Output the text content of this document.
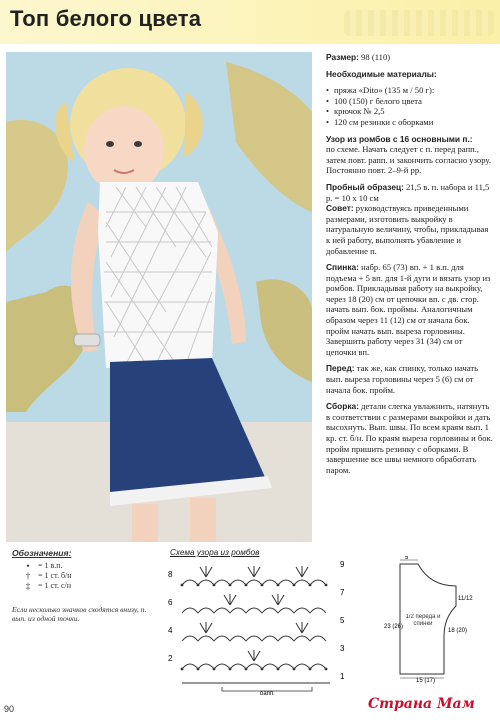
Топ белого цвета

Размер: 98 (110)

Необходимые материалы:

• пряжа «Dito» (135 м / 50 г):
• 100 (150) г белого цвета
• крючок № 2,5
• 120 см резинки с оборками

Узор из ромбов с 16 основными п.:
по схеме. Начать следует с п. перед рапп., затем повт. рапп. и закончить согласно узору. Постоянно повт. 2–9-й рр.

Пробный образец: 21,5 в. п. набора и 11,5 р. = 10 х 10 см
Совет: руководствуясь приведенными размерами, изготовить выкройку в натуральную величину, чтобы, прикладывая к ней работу, выполнять убавление и добавление п.

Спинка: набр. 65 (73) вп. + 1 в.п. для подъема + 5 вп. для 1-й дуги и вязать узор из ромбов. Прикладывая работу на выкройку, через 18 (20) см от цепочки вп. с дв. стор. начать вып. бок. проймы. Аналогичным образом через 11 (12) см от начала бок. пройм начать вып. выреза горловины. Завершить работу через 31 (34) см от цепочки вп.

Перед: так же, как спинку, только начать вып. выреза горловины через 5 (6) см от начала бок. пройм.

Сборка: детали слегка увлажнить, натянуть в соответствии с размерами выкройки и дать высохнуть. Вып. швы. По всем краям вып. 1 кр. ст. б/н. По краям выреза горловины и бок. пройм пришить резинку с оборками. В завершение все швы немного обработать паром.

Обозначения:
•	= 1 в.п.
† = 1 ст. б/н
‡ = 1 ст. с/н
Если несколько значков сходятся внизу, п. вып. из одной точки.
Схема узора из ромбов
8
6
4
2
9
7
5
3
1
рапп.
5
11/12
23 (26)
18 (20)
15 (17)
1/2 переда и спинки
90	Страна Мам
